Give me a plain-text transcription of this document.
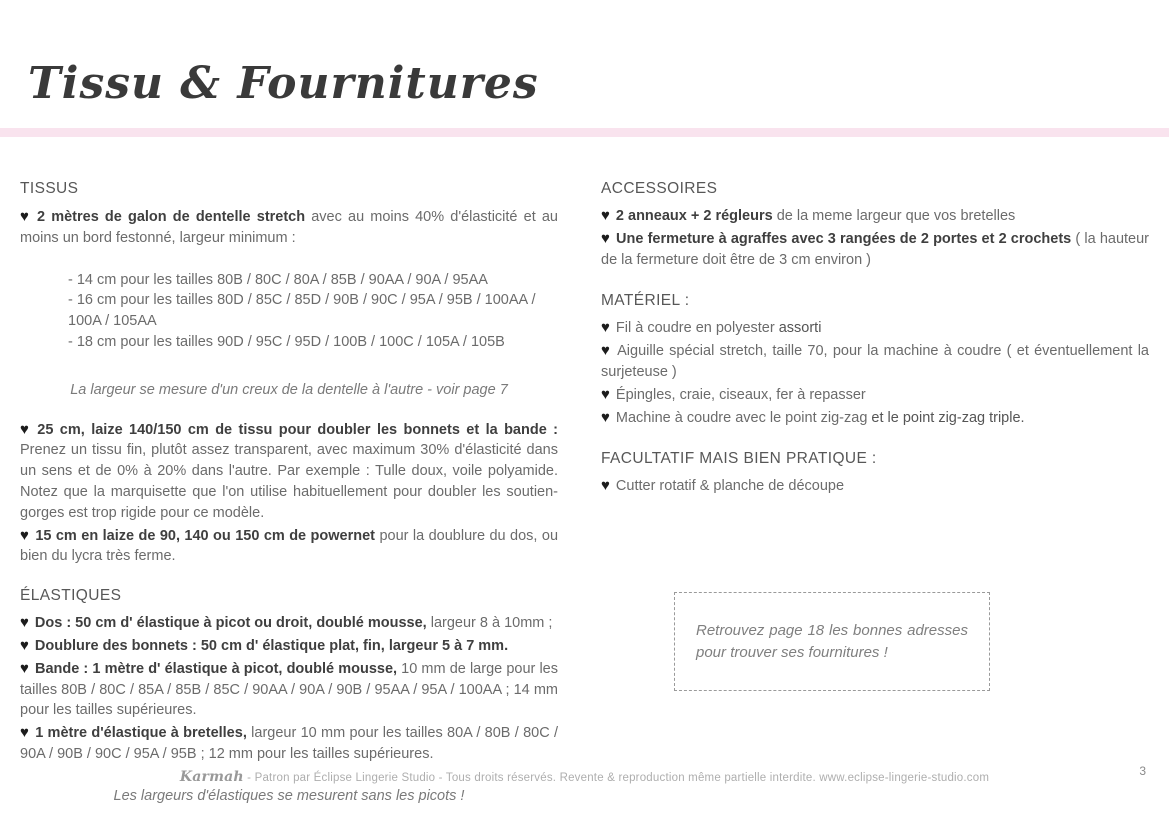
Tissu & Fournitures
TISSUS

♥ 2 mètres de galon de dentelle stretch avec au moins 40% d'élasticité et au moins un bord festonné, largeur minimum :

- 14 cm pour les tailles 80B / 80C / 80A / 85B / 90AA / 90A / 95AA
- 16 cm pour les tailles 80D / 85C / 85D / 90B / 90C / 95A / 95B / 100AA /   100A / 105AA
- 18 cm pour les tailles 90D / 95C / 95D / 100B / 100C / 105A / 105B

La largeur se mesure d'un creux de la dentelle à l'autre - voir page 7

♥ 25 cm, laize 140/150 cm de tissu pour doubler les bonnets et la bande : Prenez un tissu fin, plutôt assez transparent, avec maximum 30% d'élasticité dans un sens et de 0% à 20% dans l'autre. Par exemple : Tulle doux, voile polyamide. Notez que la marquisette que l'on utilise habituellement pour doubler les soutien-gorges est trop rigide pour ce modèle.

♥ 15 cm en laize de 90, 140 ou 150 cm de powernet pour la doublure du dos, ou bien du lycra très ferme.

ÉLASTIQUES

♥ Dos : 50 cm d' élastique à picot ou droit, doublé mousse, largeur 8 à 10mm ;

♥ Doublure des bonnets : 50 cm d' élastique plat, fin, largeur 5 à 7 mm.

♥ Bande : 1 mètre d' élastique à picot, doublé mousse, 10 mm de large pour les tailles 80B / 80C / 85A / 85B / 85C / 90AA / 90A / 90B / 95AA / 95A / 100AA ; 14 mm pour les tailles supérieures.

♥ 1 mètre d'élastique à bretelles, largeur 10 mm pour les tailles 80A / 80B / 80C / 90A / 90B / 90C / 95A / 95B ; 12 mm pour les tailles supérieures.

Les largeurs d'élastiques se mesurent sans les picots !

ACCESSOIRES

♥ 2 anneaux + 2 régleurs de la meme largeur que vos bretelles

♥ Une fermeture à agraffes avec 3 rangées de 2 portes et 2 crochets ( la hauteur de la fermeture doit être de 3 cm environ )

MATÉRIEL :

♥ Fil à coudre en polyester assorti

♥ Aiguille spécial stretch, taille 70, pour la machine à coudre ( et éventuellement la surjeteuse )

♥ Épingles, craie, ciseaux, fer à repasser

♥ Machine à coudre avec le point zig-zag et le point zig-zag triple.

FACULTATIF MAIS BIEN PRATIQUE :

♥ Cutter rotatif & planche de découpe

Retrouvez page 18 les bonnes adresses pour trouver ses fournitures !
Karmah - Patron par Éclipse Lingerie Studio - Tous droits réservés. Revente & reproduction même partielle interdite. www.eclipse-lingerie-studio.com	3
